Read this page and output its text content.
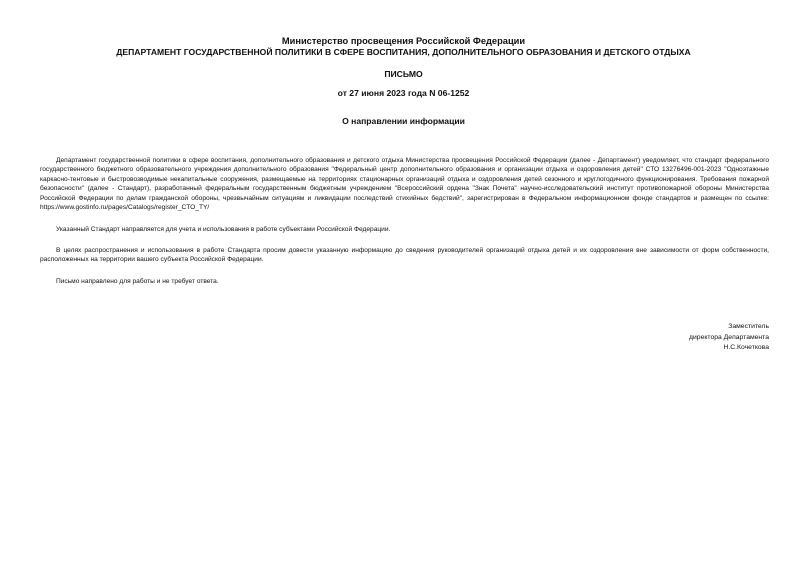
Министерство просвещения Российской Федерации
ДЕПАРТАМЕНТ ГОСУДАРСТВЕННОЙ ПОЛИТИКИ В СФЕРЕ ВОСПИТАНИЯ, ДОПОЛНИТЕЛЬНОГО ОБРАЗОВАНИЯ И ДЕТСКОГО ОТДЫХА
ПИСЬМО
от 27 июня 2023 года N 06-1252
О направлении информации
Департамент государственной политики в сфере воспитания, дополнительного образования и детского отдыха Министерства просвещения Российской Федерации (далее - Департамент) уведомляет, что стандарт федерального государственного бюджетного образовательного учреждения дополнительного образования "Федеральный центр дополнительного образования и организации отдыха и оздоровления детей" СТО 13276496-001-2023 "Одноэтажные каркасно-тентовые и быстровозводимые некапитальные сооружения, размещаемые на территориях стационарных организаций отдыха и оздоровления детей сезонного и круглогодичного функционирования. Требования пожарной безопасности" (далее - Стандарт), разработанный федеральным государственным бюджетным учреждением "Всероссийский ордена "Знак Почета" научно-исследовательский институт противопожарной обороны Министерства Российской Федерации по делам гражданской обороны, чрезвычайным ситуациям и ликвидации последствий стихийных бедствий", зарегистрирован в Федеральном информационном фонде стандартов и размещен по ссылке: https://www.gostinfo.ru/pages/Catalogs/register_CTO_TY/
Указанный Стандарт направляется для учета и использования в работе субъектами Российской Федерации.
В целях распространения и использования в работе Стандарта просим довести указанную информацию до сведения руководителей организаций отдыха детей и их оздоровления вне зависимости от форм собственности, расположенных на территории вашего субъекта Российской Федерации.
Письмо направлено для работы и не требует ответа.
Заместитель
директора Департамента
Н.С.Кочеткова
